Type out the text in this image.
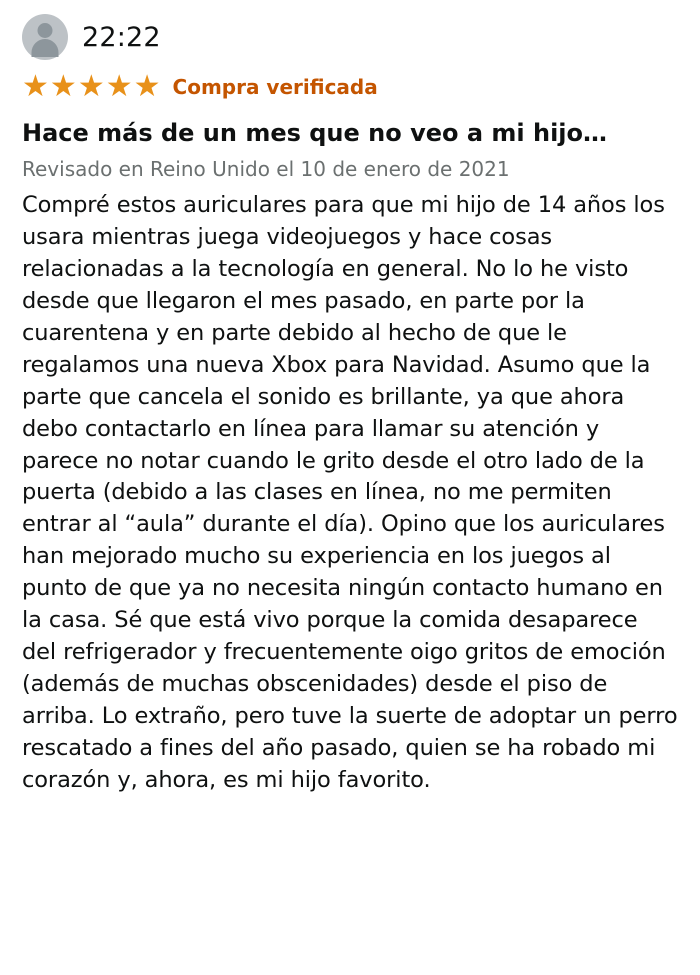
22:22
★ ★ ★ ★ ★ Compra verificada
Hace más de un mes que no veo a mi hijo…
Revisado en Reino Unido el 10 de enero de 2021
Compré estos auriculares para que mi hijo de 14 años los usara mientras juega videojuegos y hace cosas relacionadas a la tecnología en general. No lo he visto desde que llegaron el mes pasado, en parte por la cuarentena y en parte debido al hecho de que le regalamos una nueva Xbox para Navidad. Asumo que la parte que cancela el sonido es brillante, ya que ahora debo contactarlo en línea para llamar su atención y parece no notar cuando le grito desde el otro lado de la puerta (debido a las clases en línea, no me permiten entrar al “aula” durante el día). Opino que los auriculares han mejorado mucho su experiencia en los juegos al punto de que ya no necesita ningún contacto humano en la casa. Sé que está vivo porque la comida desaparece del refrigerador y frecuentemente oigo gritos de emoción (además de muchas obscenidades) desde el piso de arriba. Lo extraño, pero tuve la suerte de adoptar un perro rescatado a fines del año pasado, quien se ha robado mi corazón y, ahora, es mi hijo favorito.
